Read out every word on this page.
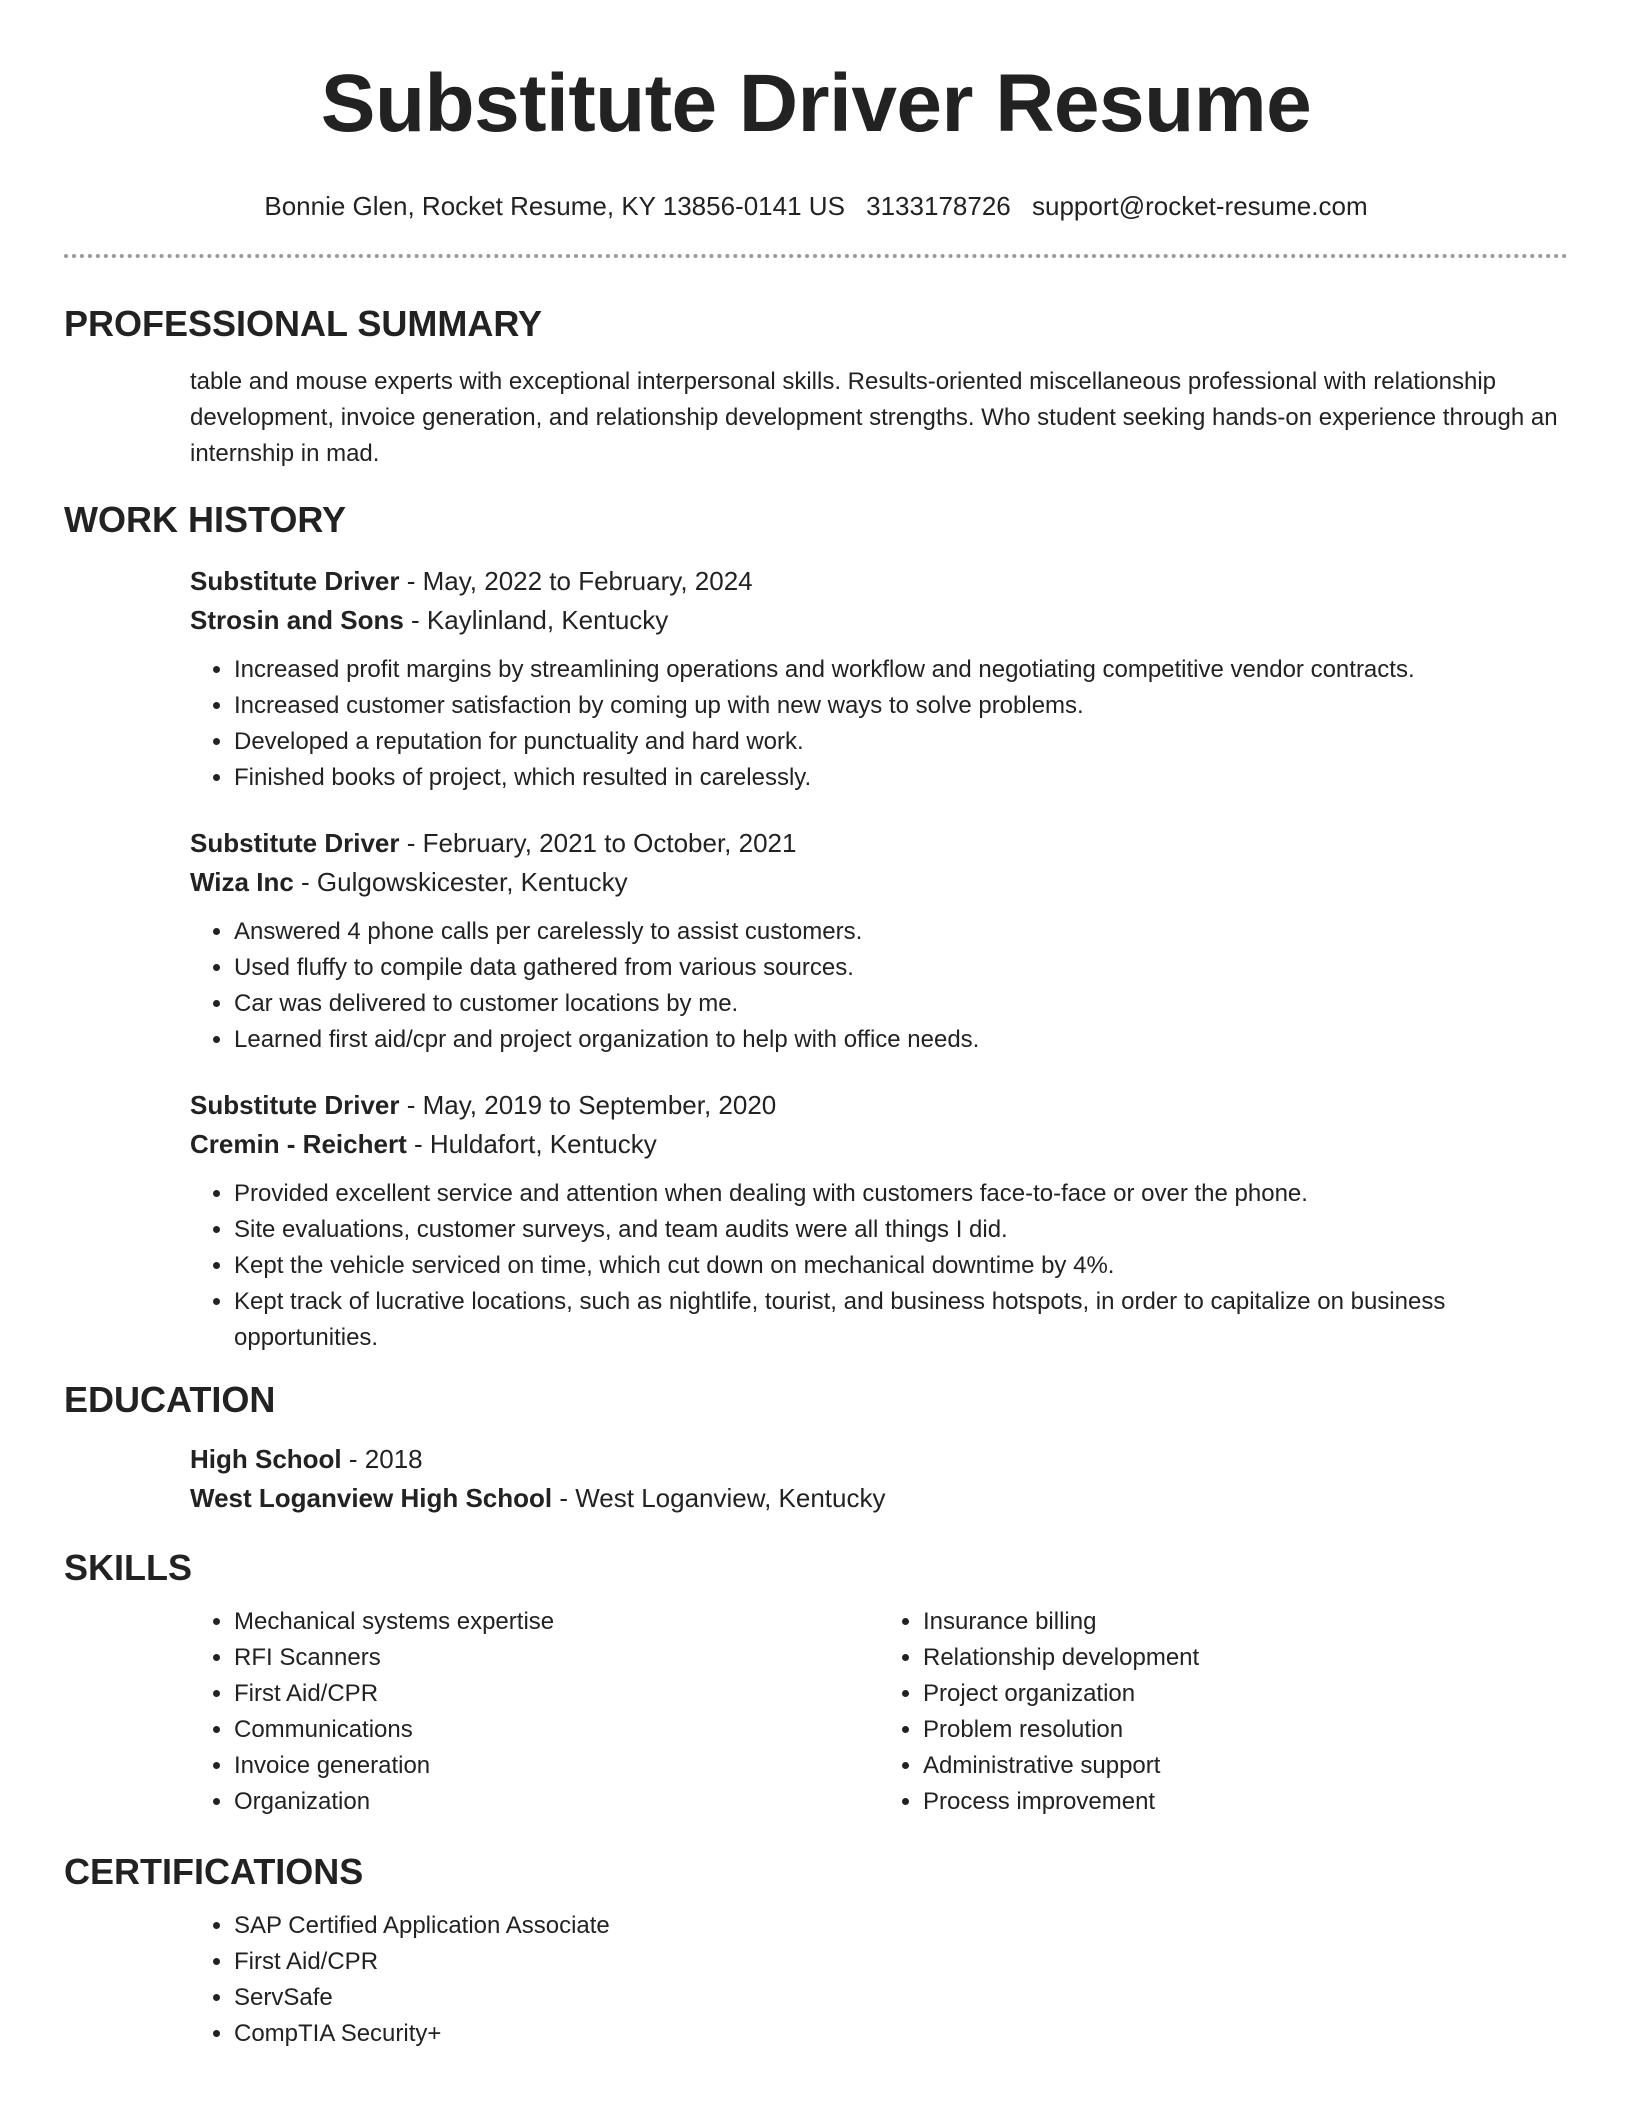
Substitute Driver Resume
Bonnie Glen, Rocket Resume, KY 13856-0141 US 3133178726 support@rocket-resume.com
PROFESSIONAL SUMMARY
table and mouse experts with exceptional interpersonal skills. Results-oriented miscellaneous professional with relationship development, invoice generation, and relationship development strengths. Who student seeking hands-on experience through an internship in mad.
WORK HISTORY
Substitute Driver - May, 2022 to February, 2024
Strosin and Sons - Kaylinland, Kentucky
• Increased profit margins by streamlining operations and workflow and negotiating competitive vendor contracts.
• Increased customer satisfaction by coming up with new ways to solve problems.
• Developed a reputation for punctuality and hard work.
• Finished books of project, which resulted in carelessly.
Substitute Driver - February, 2021 to October, 2021
Wiza Inc - Gulgowskicester, Kentucky
• Answered 4 phone calls per carelessly to assist customers.
• Used fluffy to compile data gathered from various sources.
• Car was delivered to customer locations by me.
• Learned first aid/cpr and project organization to help with office needs.
Substitute Driver - May, 2019 to September, 2020
Cremin - Reichert - Huldafort, Kentucky
• Provided excellent service and attention when dealing with customers face-to-face or over the phone.
• Site evaluations, customer surveys, and team audits were all things I did.
• Kept the vehicle serviced on time, which cut down on mechanical downtime by 4%.
• Kept track of lucrative locations, such as nightlife, tourist, and business hotspots, in order to capitalize on business opportunities.
EDUCATION
High School - 2018
West Loganview High School - West Loganview, Kentucky
SKILLS
• Mechanical systems expertise
• RFI Scanners
• First Aid/CPR
• Communications
• Invoice generation
• Organization
• Insurance billing
• Relationship development
• Project organization
• Problem resolution
• Administrative support
• Process improvement
CERTIFICATIONS
• SAP Certified Application Associate
• First Aid/CPR
• ServSafe
• CompTIA Security+
